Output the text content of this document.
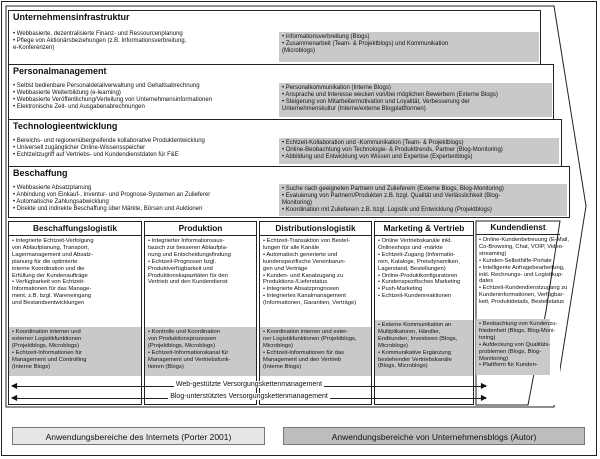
Unternehmensinfrastruktur
• Webbasierte, dezentralisierte Finanz- und Ressourcenplanung
• Pflege von Aktionärsbeziehungen (z.B. Informationsverbreitung,
e-Konferenzen)
• Informationsverbreitung (Blogs)
• Zusammenarbeit (Team- & Projektblogs) und Kommunikation
(Microblogs)
Personalmanagement
• Selbst bedienbare Personaldetailverwaltung und Gehaltsabrechnung
• Webbasierte Weiterbildung (e-learning)
• Webbasierte Veröffentlichung/Verteilung von Unternehmensinformationen
• Elektronische Zeit- und Ausgabenabrechnungen
• Personalkommunikation (Interne Blogs)
• Ansprache und Interesse wecken von/bei möglichen Bewerbern (Externe Blogs)
• Steigerung von Mitarbeitermotivation und Loyalität, Verbesserung der
Unternehmenskultur (Interne/externe Blogplattformen)
Technologieentwicklung
• Bereichs- und regionenübergreifende kollaborative Produktentwicklung
• Universell zugänglicher Online-Wissensspeicher
• Echtzeitzugriff auf Vertriebs- und Kundendienstdaten für F&E
• Echtzeit-Kollaboration und -Kommunikation (Team- & Projektblogs)
• Online-Beobachtung von Technologie- & Produkttrends, Partner (Blog-Monitoring)
• Abbildung und Entwicklung von Wissen und Expertise (Expertenblogs)
Beschaffung
• Webbasierte Absatzplanung
• Anbindung von Einkauf-, Inventur- und Prognose-Systemen an Zulieferer
• Automatische Zahlungsabwicklung
• Direkte und indirekte Beschaffung über Märkte, Börsen und Auktionen
• Suche nach geeigneten Partnern und Zulieferern (Externe Blogs, Blog-Monitoring)
• Evaluierung von Partnern/Produkten z.B. bzgl. Qualität und Verlässlichkeit (Blog-
Monitoring)
• Koordination mit Zulieferern z.B. bzgl. Logistik und Entwicklung (Projektblogs)
Beschaffungslogistik
• Integrierte Echtzeit-Verfolgung
von Ablaufplanung, Transport,
Lagermanagement und Absatz-
planung für die optimierte
interne Koordination und die
Erfüllung der Kundenaufträge
• Verfügbarkeit von Echtzeit-
Informationen für das Manage-
ment, z.B. bzgl. Wareneingang
und Bestandsentwicklungen
• Koordination interner und
externer Logistikfunktionen
(Projektblogs, Microblogs)
• Echtzeit-Informationen für
Management und Controlling
(Interne Blogs)
Produktion
• Integrierter Informationsaus-
tausch zur besseren Ablaufpla-
nung und Entscheidungsfindung
• Echtzeit-Prognosen bzgl.
Produktverfügbarkeit und
Produktionskapazitäten für den
Vertrieb und den Kundendienst
• Kontrolle und Koordination
von Produktionsprozessen
(Projektblogs, Microblogs)
• Echtzeit-Informationskanal für
Management und Vertriebsfunk-
tionen (Blogs)
Distributionslogistik
• Echtzeit-Transaktion von Bestel-
lungen für alle Kanäle
• Automatisch generierte und
kundenspezifische Vereinbarun-
gen und Verträge
• Kunden- und Kanalzugang zu
Produktions-/Lieferstatus
• Integrierte Absatzprognosen
• Integriertes Kanalmanagement
(Informationen, Garantien, Verträge)
• Koordination interner und exter-
ner Logistikfunktionen (Projektblogs,
Microblogs)
• Echtzeit-Informationen für das
Management und den Vertrieb
(Interne Blogs)
Marketing & Vertrieb
• Online Vertriebskanäle inkl.
Onlineshops und -märkte
• Echtzeit-Zugang (Informatio-
nen, Kataloge, Preisdynamiken,
Lagerstand, Bestellungen)
• Online-Produktkonfiguratoren
• Kundenspezifisches Marketing
• Push-Marketing
• Echtzeit-Kundenreaktionen
• Externe Kommunikation an
Multiplikatoren, Händler,
Endkunden, Investoren (Blogs,
Microblogs)
• Kommunikative Ergänzung
bestehender Vertriebskanäle
(Blogs, Microblogs)
Kundendienst
• Online-Kundenbetreuung (E-Mail,
Co-Browsing, Chat, VOIP, Video-
streaming)
• Kunden-Selbsthilfe-Portale
• Intelligente Anfragebearbeitung,
inkl. Rechnungs- und Logistikup-
dates
• Echtzeit-Kundendienstzugang zu
Kundeninformationen, Verfügbar-
keit, Produktdetails, Bestellstatus
• Beobachtung von Kundenzu-
friedenheit (Blogs, Blog-Moni-
toring)
• Aufdeckung von Qualitäts-
problemen (Blogs, Blog-
Monitoring)
• Plattform für Kunden-
◀	Web-gestützte Versorgungskettenmanagement	▶
◀	Blog-unterstütztes Versorgungskettenmanagement	▶
Anwendungsbereiche des Internets (Porter 2001)	Anwendungsbereiche von Unternehmensblogs (Autor)
